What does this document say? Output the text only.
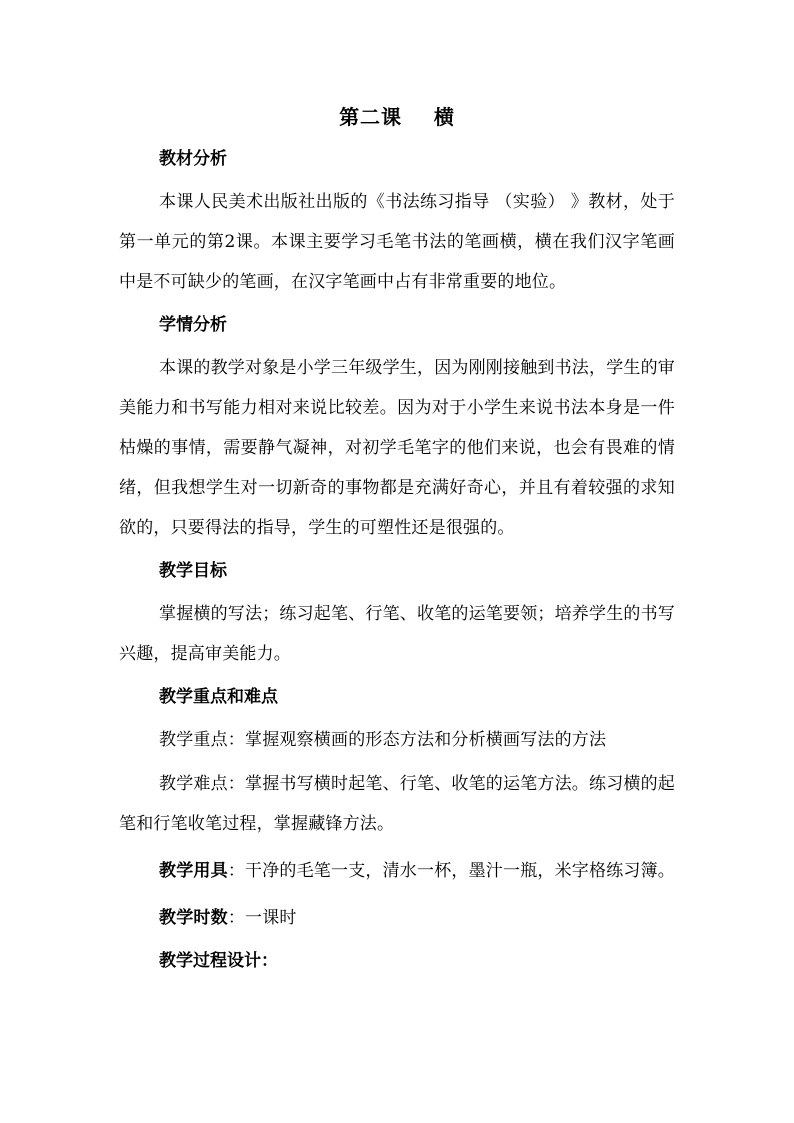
第二课    横
教材分析

本课人民美术出版社出版的《书法练习指导 （实验） 》教材，处于第一单元的第2课。本课主要学习毛笔书法的笔画横，横在我们汉字笔画中是不可缺少的笔画，在汉字笔画中占有非常重要的地位。

学情分析

本课的教学对象是小学三年级学生，因为刚刚接触到书法，学生的审美能力和书写能力相对来说比较差。因为对于小学生来说书法本身是一件枯燥的事情，需要静气凝神，对初学毛笔字的他们来说，也会有畏难的情绪，但我想学生对一切新奇的事物都是充满好奇心，并且有着较强的求知欲的，只要得法的指导，学生的可塑性还是很强的。

教学目标

掌握横的写法；练习起笔、行笔、收笔的运笔要领；培养学生的书写兴趣，提高审美能力。

教学重点和难点

教学重点：掌握观察横画的形态方法和分析横画写法的方法

教学难点：掌握书写横时起笔、行笔、收笔的运笔方法。练习横的起笔和行笔收笔过程，掌握藏锋方法。

教学用具：干净的毛笔一支，清水一杯，墨汁一瓶，米字格练习簿。

教学时数：一课时

教学过程设计：
